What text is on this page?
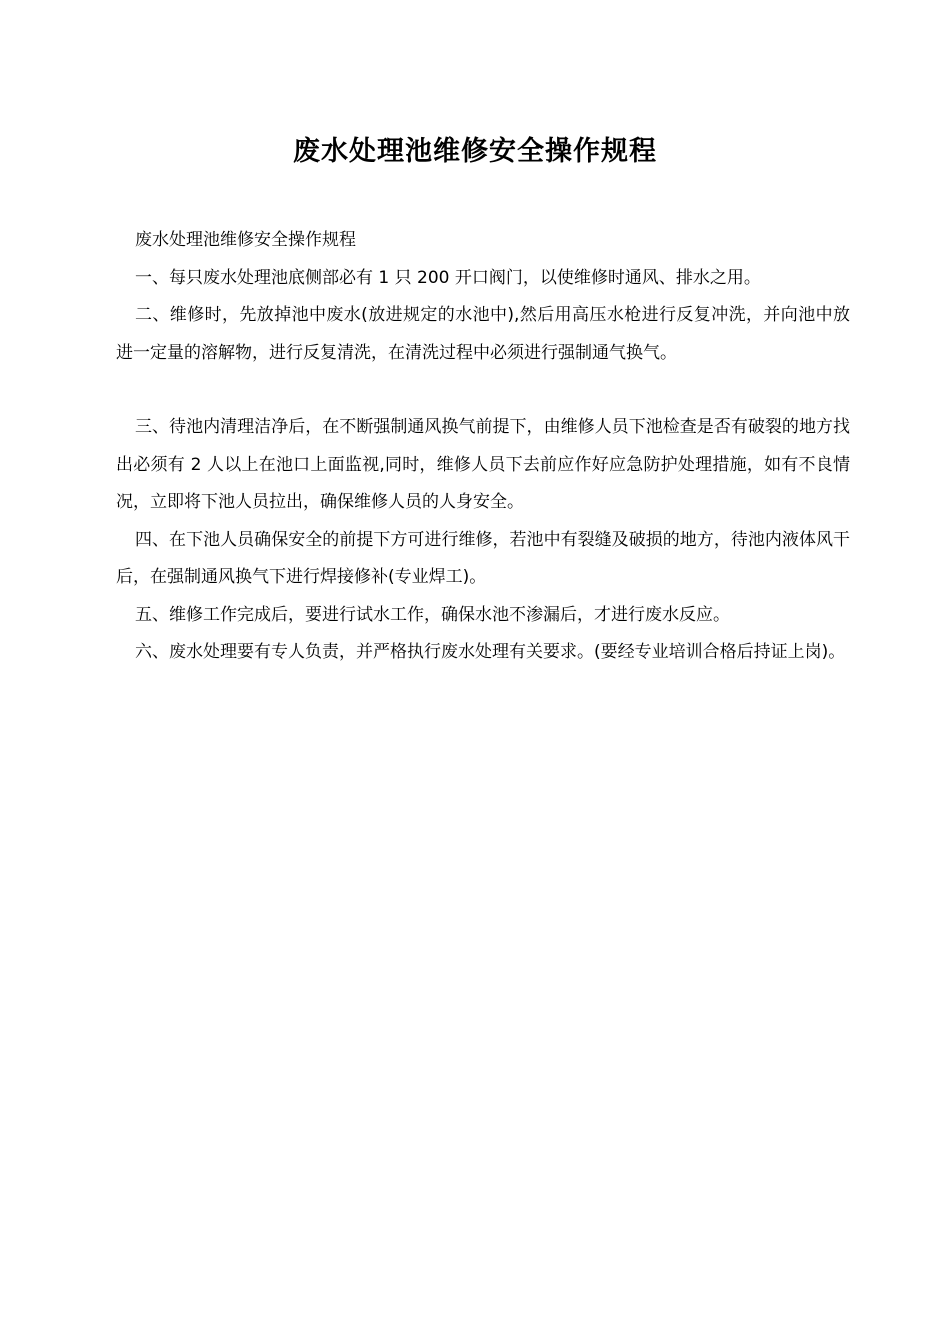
废水处理池维修安全操作规程

废水处理池维修安全操作规程

一、每只废水处理池底侧部必有 1 只 200 开口阀门，以使维修时通风、排水之用。

二、维修时，先放掉池中废水(放进规定的水池中),然后用高压水枪进行反复冲洗，并向池中放进一定量的溶解物，进行反复清洗，在清洗过程中必须进行强制通气换气。

三、待池内清理洁净后，在不断强制通风换气前提下，由维修人员下池检查是否有破裂的地方找出必须有 2 人以上在池口上面监视,同时，维修人员下去前应作好应急防护处理措施，如有不良情况，立即将下池人员拉出，确保维修人员的人身安全。

四、在下池人员确保安全的前提下方可进行维修，若池中有裂缝及破损的地方，待池内液体风干后，在强制通风换气下进行焊接修补(专业焊工)。

五、维修工作完成后，要进行试水工作，确保水池不渗漏后，才进行废水反应。

六、废水处理要有专人负责，并严格执行废水处理有关要求。(要经专业培训合格后持证上岗)。
